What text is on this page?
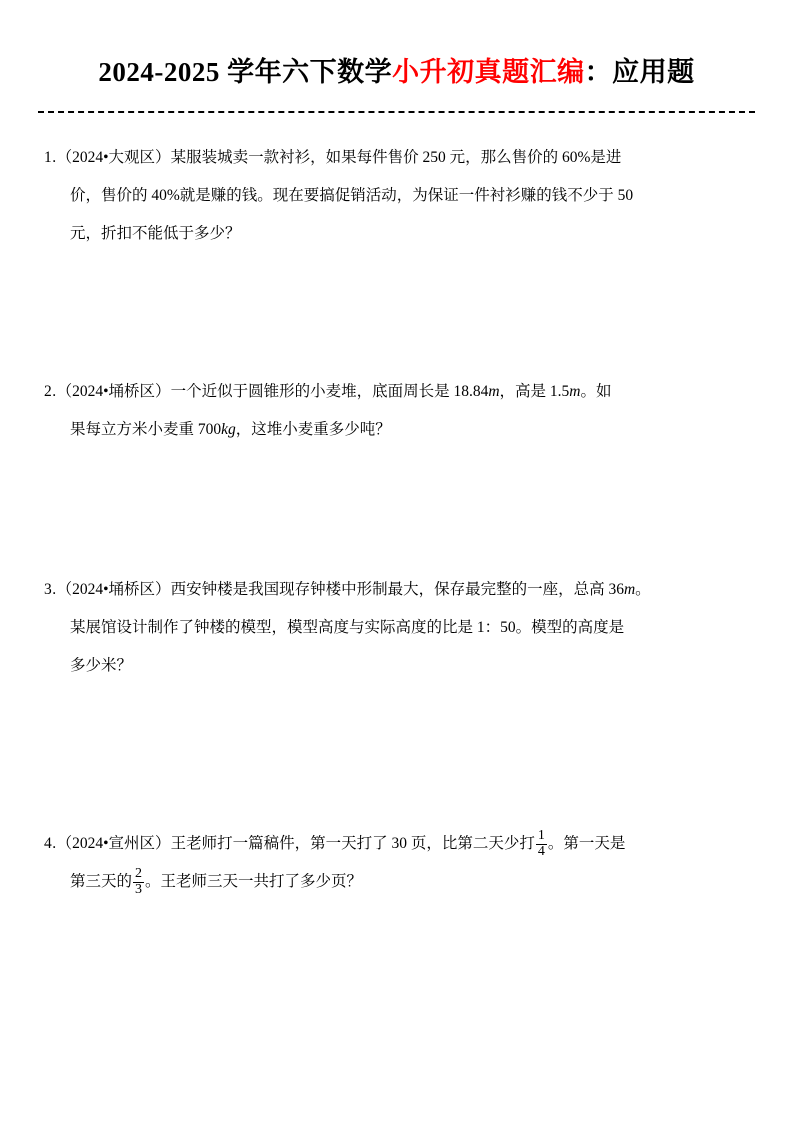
2024-2025 学年六下数学小升初真题汇编：应用题
1.（2024•大观区）某服装城卖一款衬衫，如果每件售价 250 元，那么售价的 60%是进
价，售价的 40%就是赚的钱。现在要搞促销活动，为保证一件衬衫赚的钱不少于 50
元，折扣不能低于多少？
2.（2024•埇桥区）一个近似于圆锥形的小麦堆，底面周长是 18.84m，高是 1.5m。如
果每立方米小麦重 700kg，这堆小麦重多少吨？
3.（2024•埇桥区）西安钟楼是我国现存钟楼中形制最大，保存最完整的一座，总高 36m。
某展馆设计制作了钟楼的模型，模型高度与实际高度的比是 1：50。模型的高度是
多少米？
4.（2024•宣州区）王老师打一篇稿件，第一天打了 30 页，比第二天少打 $\frac{1}{4}$ 。第一天是
第三天的 $\frac{2}{3}$ 。王老师三天一共打了多少页？
